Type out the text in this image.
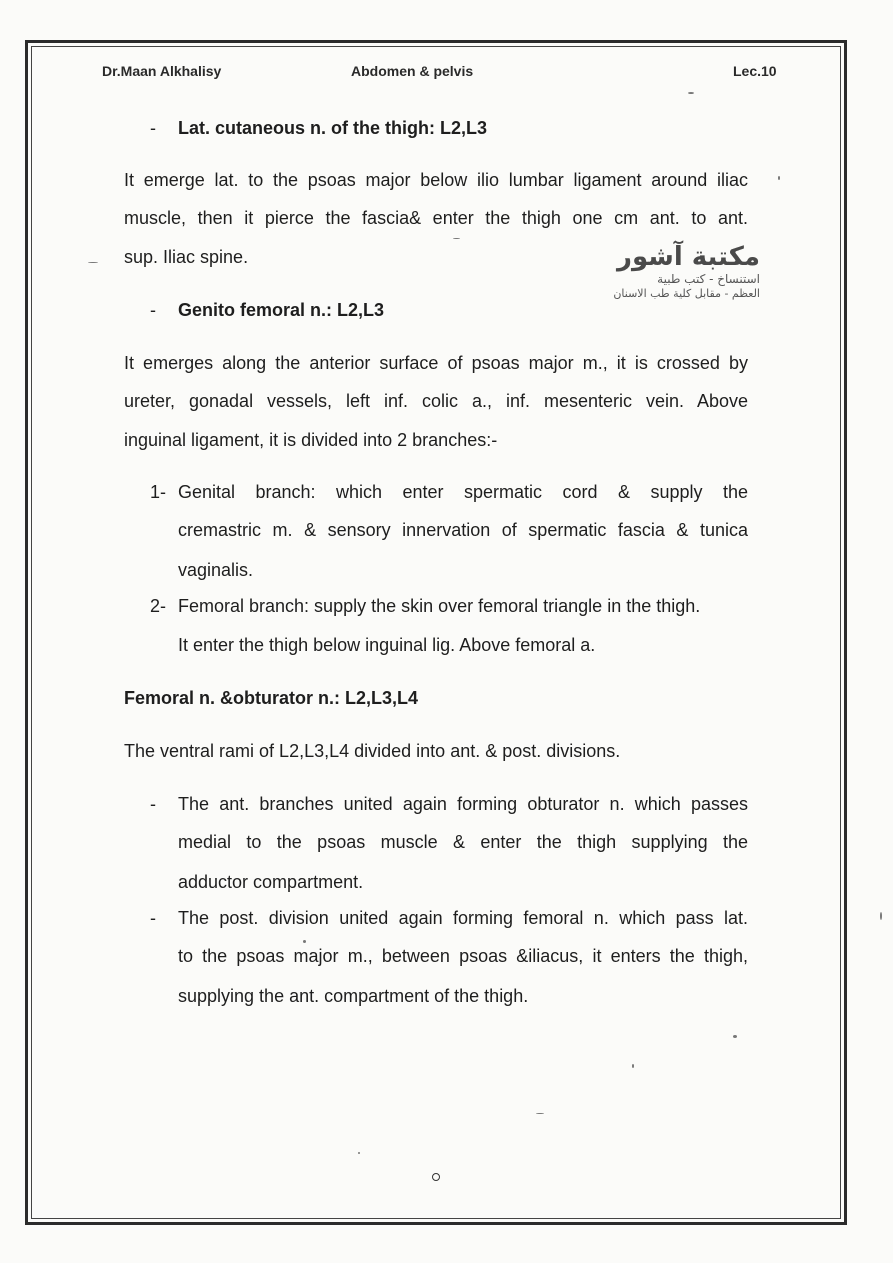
Dr.Maan Alkhalisy	Abdomen & pelvis	Lec.10
- Lat. cutaneous n. of the thigh: L2,L3
It emerge lat. to the psoas major below ilio lumbar ligament around iliac
muscle, then it pierce the fascia& enter the thigh one cm ant. to ant.
sup. Iliac spine.	مكتبة آشور
استنساخ - كتب طبية
العظم - مقابل كلية طب الاسنان
- Genito femoral n.: L2,L3
It emerges along the anterior surface of psoas major m., it is crossed by
ureter, gonadal vessels, left inf. colic a., inf. mesenteric vein. Above
inguinal ligament, it is divided into 2 branches:-
1- Genital branch: which enter spermatic cord & supply the
cremastric m. & sensory innervation of spermatic fascia & tunica
vaginalis.
2- Femoral branch: supply the skin over femoral triangle in the thigh.
It enter the thigh below inguinal lig. Above femoral a.
Femoral n. &obturator n.: L2,L3,L4
The ventral rami of L2,L3,L4 divided into ant. & post. divisions.
- The ant. branches united again forming obturator n. which passes
medial to the psoas muscle & enter the thigh supplying the
adductor compartment.
- The post. division united again forming femoral n. which pass lat.
to the psoas major m., between psoas &iliacus, it enters the thigh,
supplying the ant. compartment of the thigh.
